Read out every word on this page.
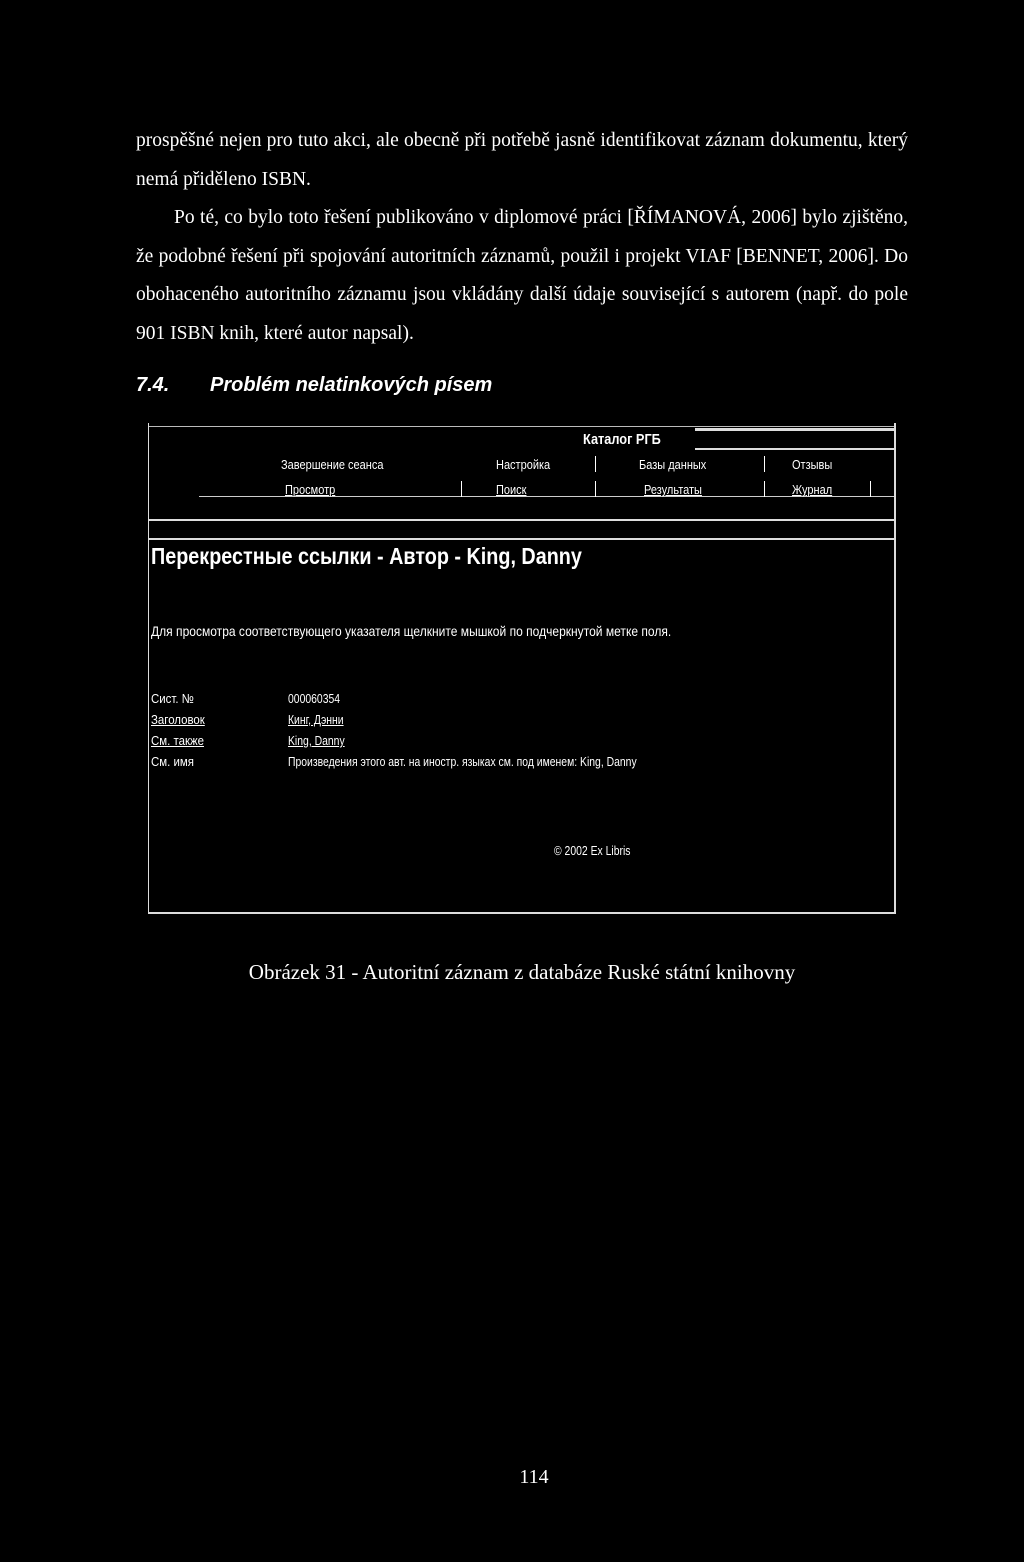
prospěšné nejen pro tuto akci, ale obecně při potřebě jasně identifikovat záznam dokumentu, který nemá přiděleno ISBN.

Po té, co bylo toto řešení publikováno v diplomové práci [ŘÍMANOVÁ, 2006] bylo zjištěno, že podobné řešení při spojování autoritních záznamů, použil i projekt VIAF [BENNET, 2006]. Do obohaceného autoritního záznamu jsou vkládány další údaje související s autorem (např. do pole 901 ISBN knih, které autor napsal).

7.4. Problém nelatinkových písem
Каталог РГБ
Завершение сеанса	Настройка	Базы данных	Отзывы
Просмотр	Поиск	Результаты	Журнал
Перекрестные ссылки - Автор - King, Danny
Для просмотра соответствующего указателя щелкните мышкой по подчеркнутой метке поля.
Сист. №	000060354
Заголовок	Кинг, Дэнни
См. также	King, Danny
См. имя	Произведения этого авт. на иностр. языках см. под именем: King, Danny
© 2002 Ex Libris

Obrázek 31 - Autoritní záznam z databáze Ruské státní knihovny

114
